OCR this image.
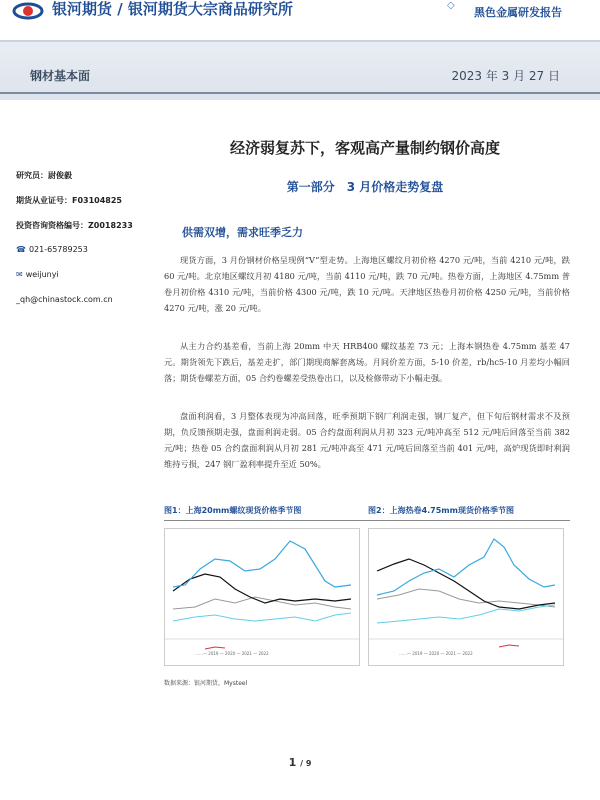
银河期货 / 银河期货大宗商品研究所	◇
黑色金属研发报告
钢材基本面	2023 年 3 月 27 日
经济弱复苏下，客观高产量制约钢价高度
第一部分　3 月价格走势复盘
研究员：尉俊毅
期货从业证号：F03104825
投资咨询资格编号：Z0018233
☎ 021-65789253
✉ weijunyi
_qh@chinastock.com.cn
供需双增，需求旺季乏力

现货方面，3 月份钢材价格呈现例“V”型走势。上海地区螺纹月初价格 4270 元/吨，当前 4210 元/吨，跌 60 元/吨。北京地区螺纹月初 4180 元/吨，当前 4110 元/吨，跌 70 元/吨。热卷方面，上海地区 4.75mm 普卷月初价格 4310 元/吨，当前价格 4300 元/吨，跌 10 元/吨。天津地区热卷月初价格 4250 元/吨，当前价格 4270 元/吨，涨 20 元/吨。

从主力合约基差看，当前上海 20mm 中天 HRB400 螺纹基差 73 元；上海本钢热卷 4.75mm 基差 47 元。期货领先下跌后，基差走扩，部门期现商解套离场。月间价差方面，5-10 价差，rb/hc5-10 月差均小幅回落；期货卷螺差方面，05 合约卷螺差受热卷出口，以及检修带动下小幅走强。

盘面利润看，3 月整体表现为冲高回落，旺季预期下钢厂利润走强，钢厂复产，但下旬后钢材需求不及预期，负反馈预期走强，盘面利润走弱。05 合约盘面利润从月初 323 元/吨冲高至 512 元/吨后回落至当前 382 元/吨；热卷 05 合约盘面利润从月初 281 元/吨冲高至 471 元/吨后回落至当前 401 元/吨，高炉现货即时利润维持亏损，247 钢厂盈利率提升至近 50%。

图1：上海20mm螺纹现货价格季节图	图2：上海热卷4.75mm现货价格季节图
……— 2019 — 2020 — 2021 — 2022	……— 2019 — 2020 — 2021 — 2022
数据来源：银河期货，Mysteel
1 / 9
